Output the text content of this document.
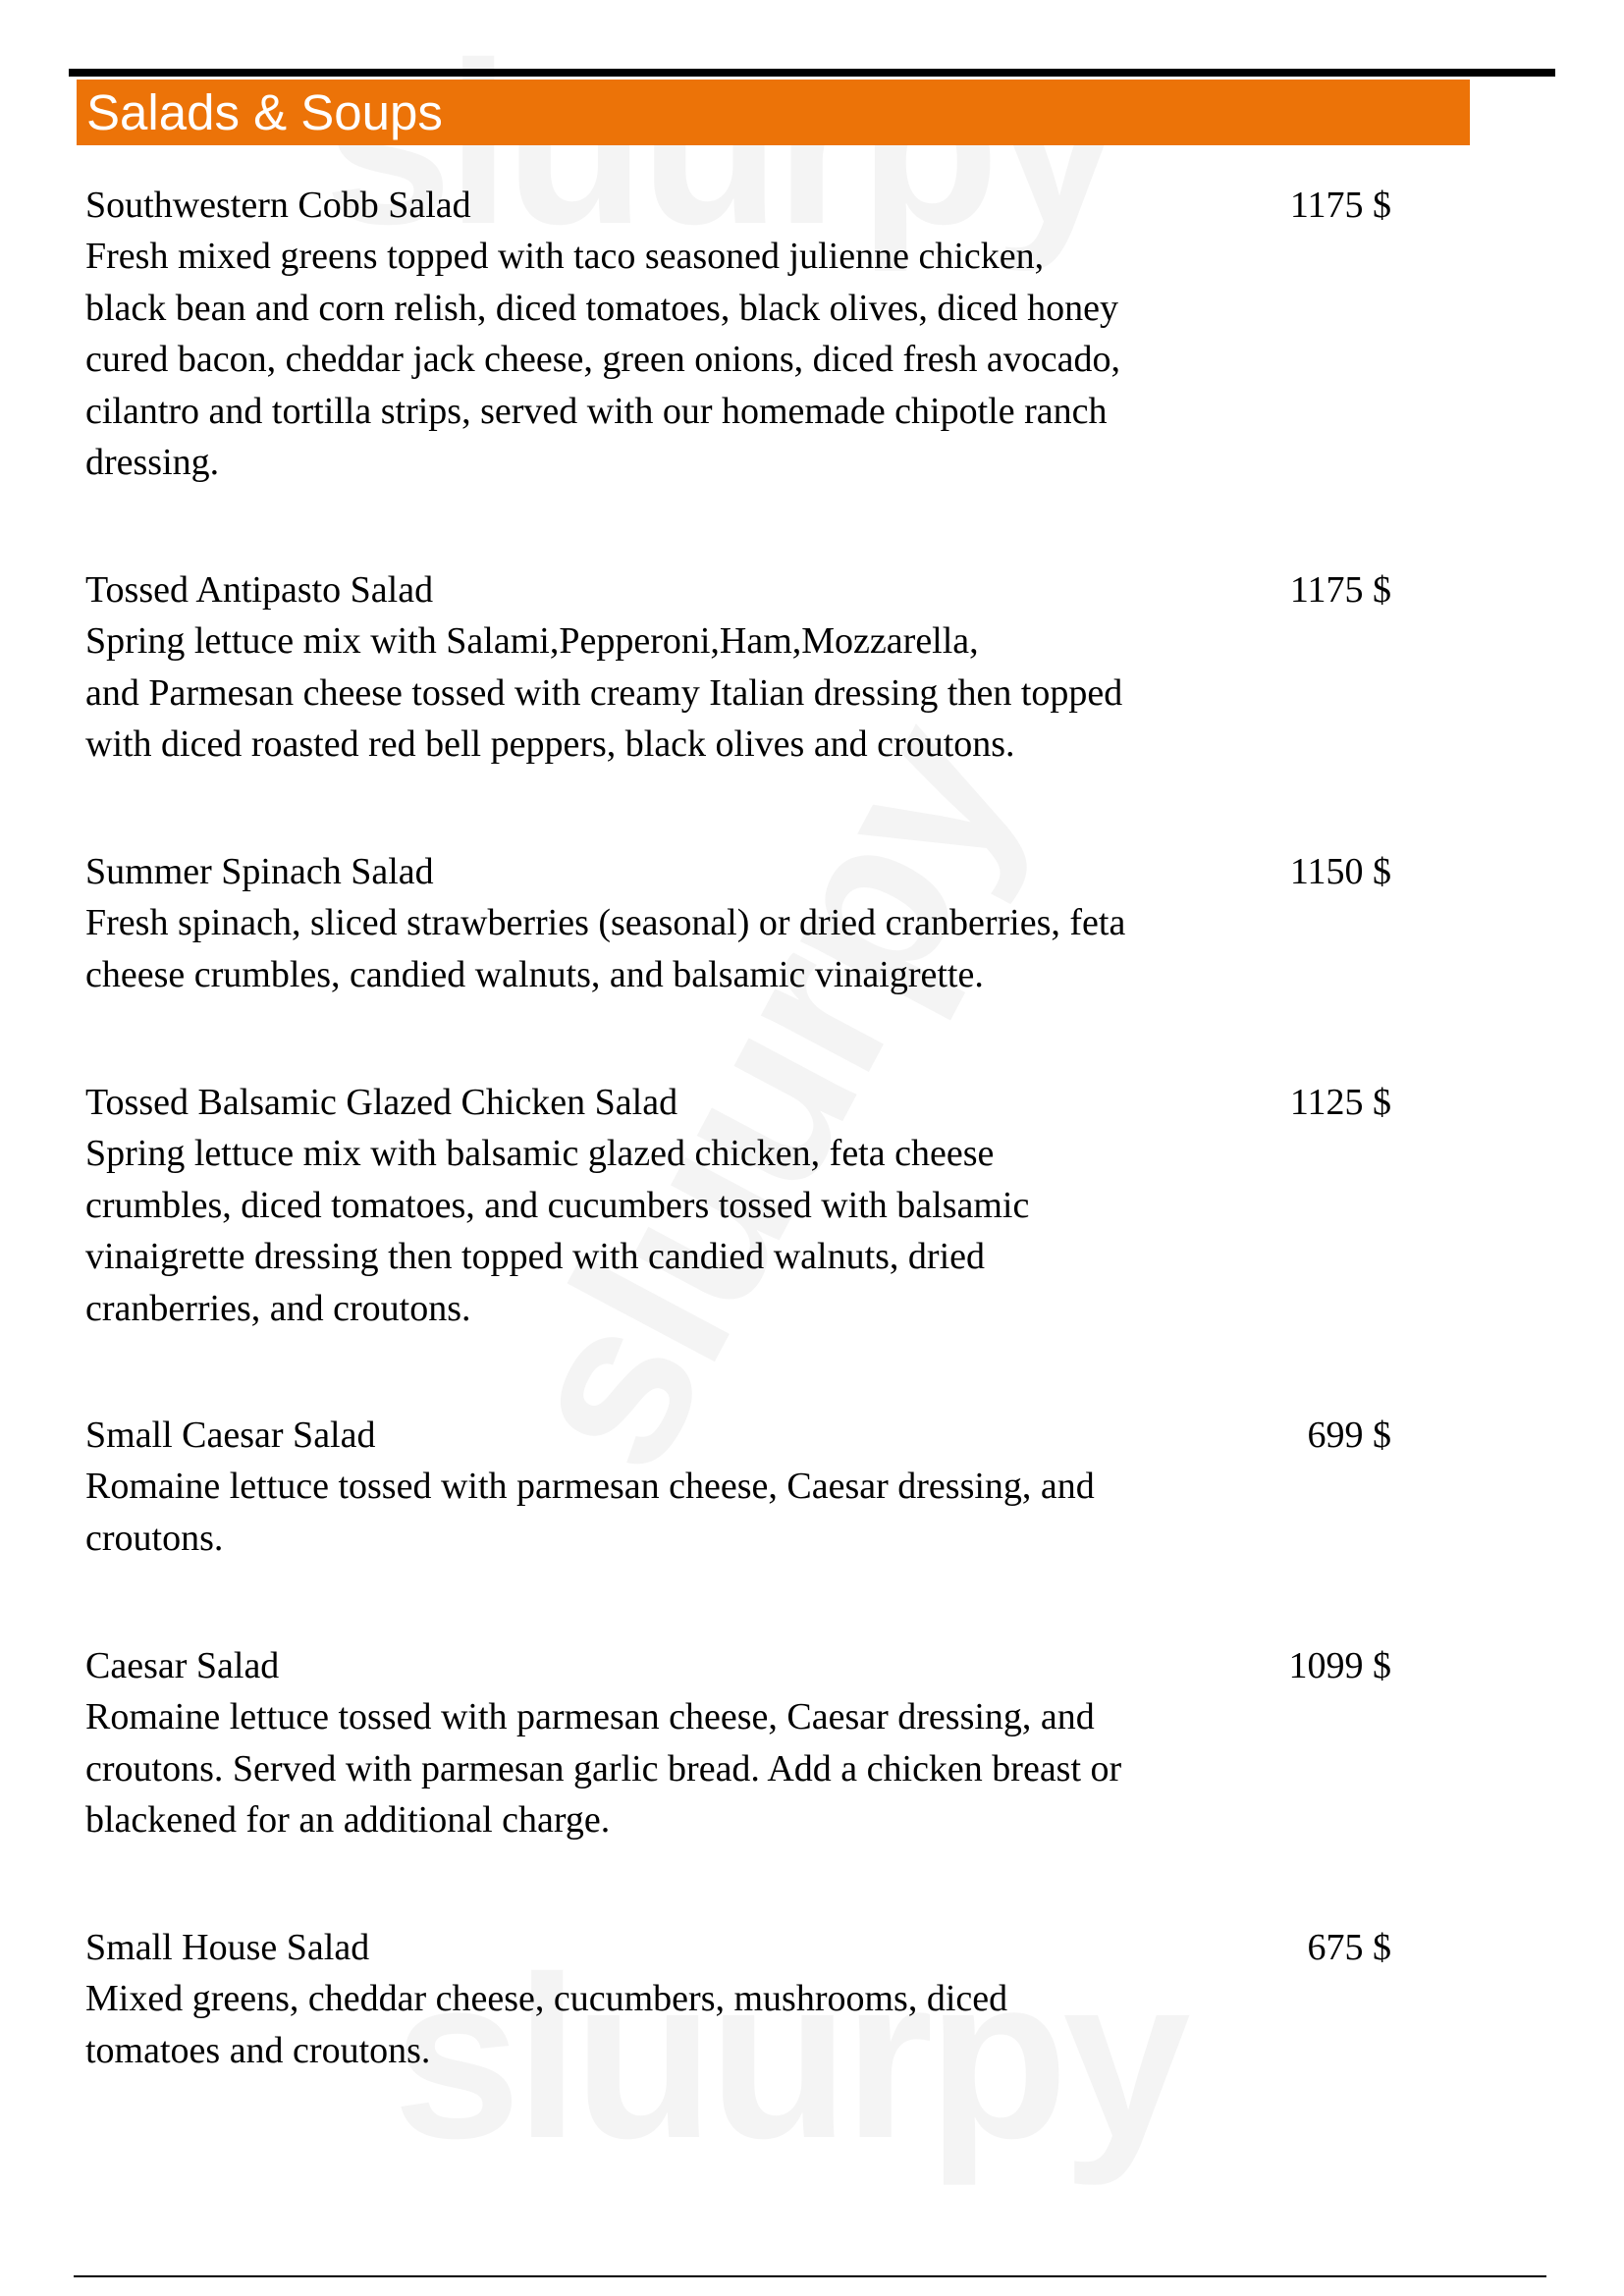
Salads & Soups
Southwestern Cobb Salad	1175 $
Fresh mixed greens topped with taco seasoned julienne chicken,
black bean and corn relish, diced tomatoes, black olives, diced honey
cured bacon, cheddar jack cheese, green onions, diced fresh avocado,
cilantro and tortilla strips, served with our homemade chipotle ranch
dressing.
Tossed Antipasto Salad	1175 $
Spring lettuce mix with Salami,Pepperoni,Ham,Mozzarella,
and Parmesan cheese tossed with creamy Italian dressing then topped
with diced roasted red bell peppers, black olives and croutons.
Summer Spinach Salad	1150 $
Fresh spinach, sliced strawberries (seasonal) or dried cranberries, feta
cheese crumbles, candied walnuts, and balsamic vinaigrette.
Tossed Balsamic Glazed Chicken Salad	1125 $
Spring lettuce mix with balsamic glazed chicken, feta cheese
crumbles, diced tomatoes, and cucumbers tossed with balsamic
vinaigrette dressing then topped with candied walnuts, dried
cranberries, and croutons.
Small Caesar Salad	699 $
Romaine lettuce tossed with parmesan cheese, Caesar dressing, and
croutons.
Caesar Salad	1099 $
Romaine lettuce tossed with parmesan cheese, Caesar dressing, and
croutons. Served with parmesan garlic bread. Add a chicken breast or
blackened for an additional charge.
Small House Salad	675 $
Mixed greens, cheddar cheese, cucumbers, mushrooms, diced
tomatoes and croutons.
